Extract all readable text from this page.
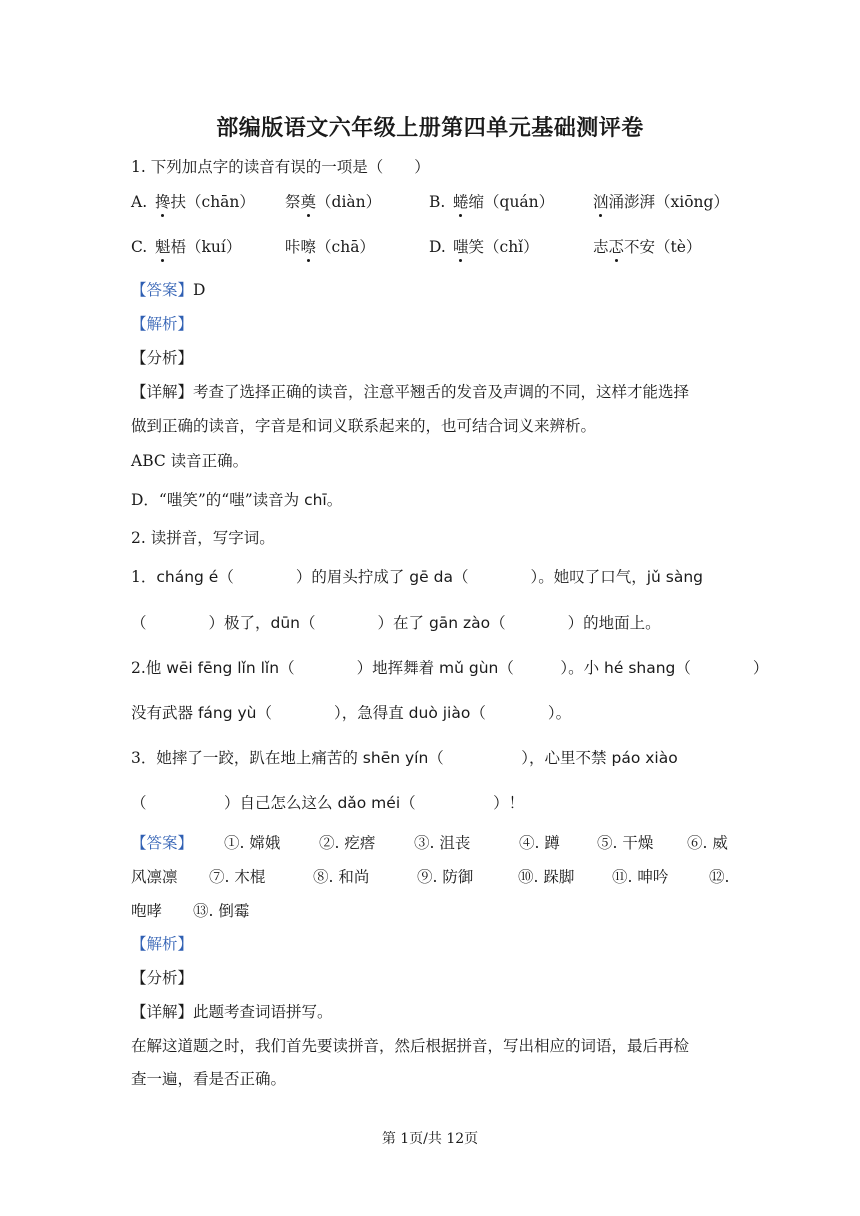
部编版语文六年级上册第四单元基础测评卷
1. 下列加点字的读音有误的一项是（　　）
A. 搀扶（chān） 祭奠（diàn）	B. 蜷缩（quán）	汹涌澎湃（xiōng）
C. 魁梧（kuí）	咔嚓（chā）	D. 嗤笑（chǐ）	志忑不安（tè）
【答案】D
【解析】
【分析】
【详解】考查了选择正确的读音，注意平翘舌的发音及声调的不同，这样才能选择
做到正确的读音，字音是和词义联系起来的，也可结合词义来辨析。
ABC 读音正确。
D．“嗤笑”的“嗤”读音为 chī。
2. 读拼音，写字词。
1．cháng é（　　　　）的眉头拧成了 gē da（　　　　）。她叹了口气，jǔ sàng
（　　　　）极了，dūn（　　　　）在了 gān zào（　　　　）的地面上。
2.他 wēi fēng lǐn lǐn（　　　　）地挥舞着 mǔ gùn（　　　）。小 hé shang（　　　　）
没有武器 fáng yù（　　　　），急得直 duò jiào（　　　　）。
3．她摔了一跤，趴在地上痛苦的 shēn yín（　　　　　），心里不禁 páo xiào
（　　　　　）自己怎么这么 dǎo méi（　　　　　）！
【答案】 ①. 嫦娥 ②. 疙瘩 ③. 沮丧	④. 蹲 ⑤. 干燥 ⑥. 威
风凛凛 ⑦. 木棍	⑧. 和尚	⑨. 防御	⑩. 跺脚 ⑪. 呻吟	⑫.
咆哮 ⑬. 倒霉
【解析】
【分析】
【详解】此题考查词语拼写。
在解这道题之时，我们首先要读拼音，然后根据拼音，写出相应的词语，最后再检
查一遍，看是否正确。
第 1页/共 12页
